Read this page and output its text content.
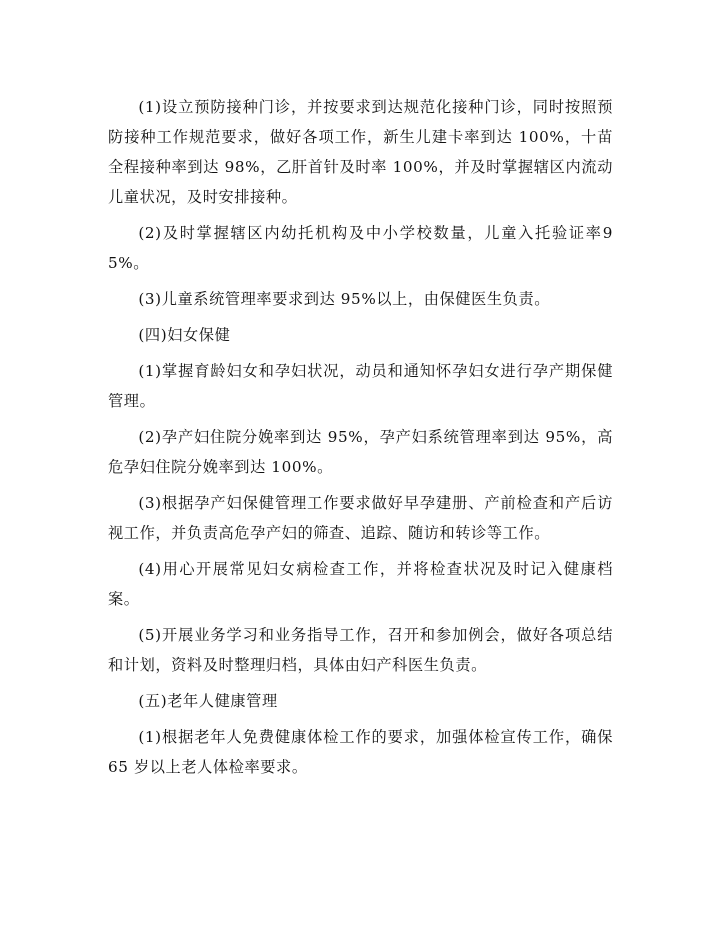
(1)设立预防接种门诊，并按要求到达规范化接种门诊，同时按照预防接种工作规范要求，做好各项工作，新生儿建卡率到达 100%，十苗全程接种率到达 98%，乙肝首针及时率 100%，并及时掌握辖区内流动儿童状况，及时安排接种。

(2)及时掌握辖区内幼托机构及中小学校数量，儿童入托验证率95%。

(3)儿童系统管理率要求到达 95%以上，由保健医生负责。

(四)妇女保健

(1)掌握育龄妇女和孕妇状况，动员和通知怀孕妇女进行孕产期保健管理。

(2)孕产妇住院分娩率到达 95%，孕产妇系统管理率到达 95%，高危孕妇住院分娩率到达 100%。

(3)根据孕产妇保健管理工作要求做好早孕建册、产前检查和产后访视工作，并负责高危孕产妇的筛查、追踪、随访和转诊等工作。

(4)用心开展常见妇女病检查工作，并将检查状况及时记入健康档案。

(5)开展业务学习和业务指导工作，召开和参加例会，做好各项总结和计划，资料及时整理归档，具体由妇产科医生负责。

(五)老年人健康管理

(1)根据老年人免费健康体检工作的要求，加强体检宣传工作，确保 65 岁以上老人体检率要求。
